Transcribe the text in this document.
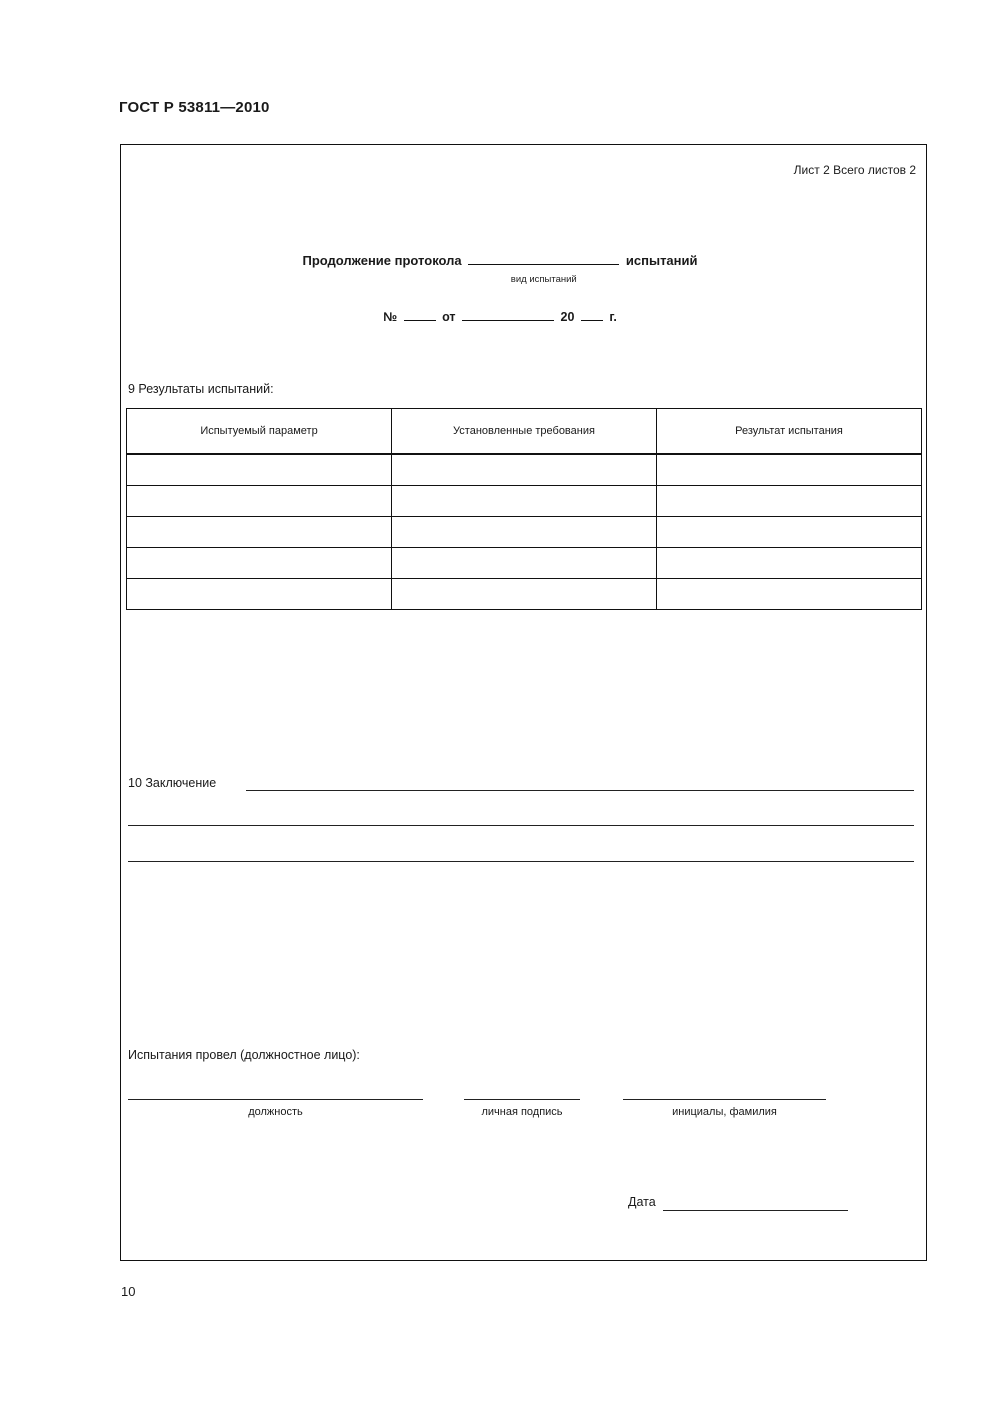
ГОСТ Р 53811—2010
Лист 2 Всего листов 2
Продолжение протокола
вид испытаний
испытаний
№	от	20	г.
9 Результаты испытаний:
Испытуемый параметр	Установленные требования	Результат испытания

10 Заключение
Испытания провел (должностное лицо):
должность	личная подпись	инициалы, фамилия
Дата
10
